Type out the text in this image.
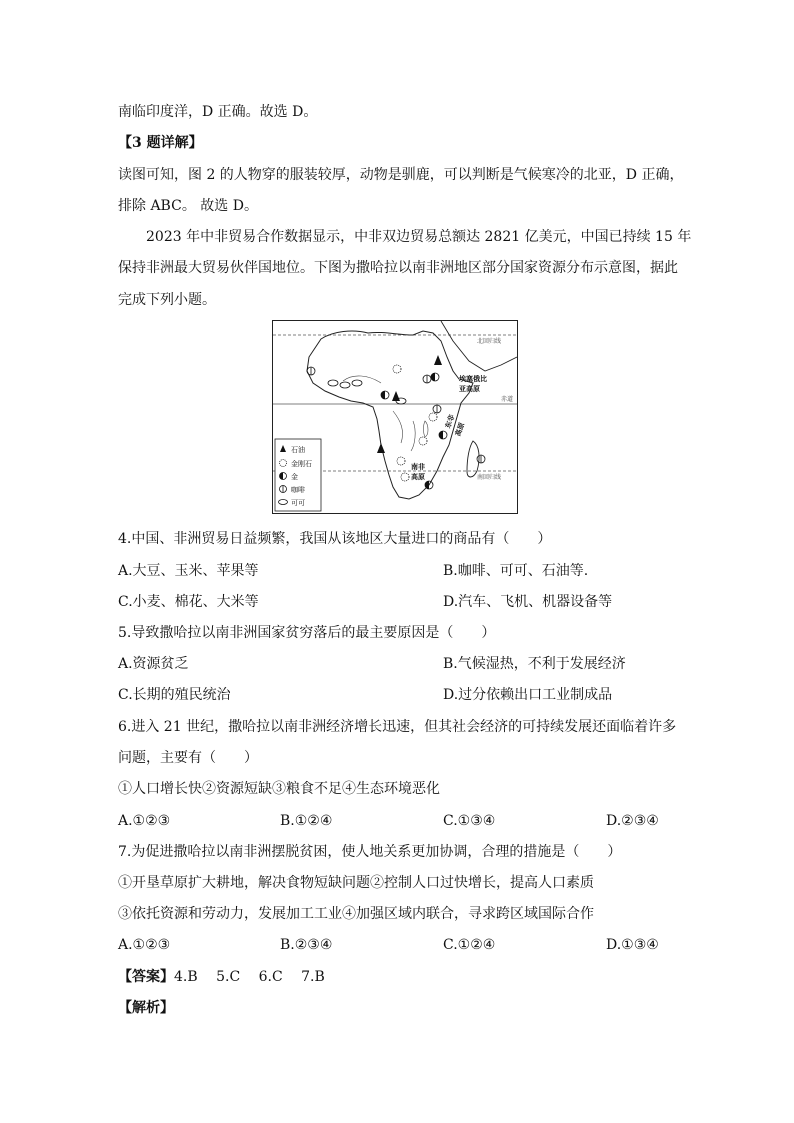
南临印度洋，D 正确。故选 D。
【3 题详解】
读图可知，图 2 的人物穿的服装较厚，动物是驯鹿，可以判断是气候寒冷的北亚，D 正确，
排除 ABC。 故选 D。
2023 年中非贸易合作数据显示，中非双边贸易总额达 2821 亿美元，中国已持续 15 年
保持非洲最大贸易伙伴国地位。下图为撒哈拉以南非洲地区部分国家资源分布示意图，据此
完成下列小题。
北回归线
赤道
南回归线
埃塞俄比
亚高原
东非
高原
南非
高原
石油
金刚石
金
咖啡
可可
4.中国、非洲贸易日益频繁，我国从该地区大量进口的商品有（　　）
A.大豆、玉米、苹果等	B.咖啡、可可、石油等.
C.小麦、棉花、大米等	D.汽车、飞机、机器设备等
5.导致撒哈拉以南非洲国家贫穷落后的最主要原因是（　　）
A.资源贫乏	B.气候湿热，不利于发展经济
C.长期的殖民统治	D.过分依赖出口工业制成品
6.进入 21 世纪，撒哈拉以南非洲经济增长迅速，但其社会经济的可持续发展还面临着许多
问题，主要有（　　）
①人口增长快②资源短缺③粮食不足④生态环境恶化
A.①②③	B.①②④	C.①③④	D.②③④
7.为促进撒哈拉以南非洲摆脱贫困，使人地关系更加协调，合理的措施是（　　）
①开垦草原扩大耕地，解决食物短缺问题②控制人口过快增长，提高人口素质
③依托资源和劳动力，发展加工工业④加强区域内联合，寻求跨区域国际合作
A.①②③	B.②③④	C.①②④	D.①③④
【答案】4.B　 5.C　 6.C　 7.B
【解析】
